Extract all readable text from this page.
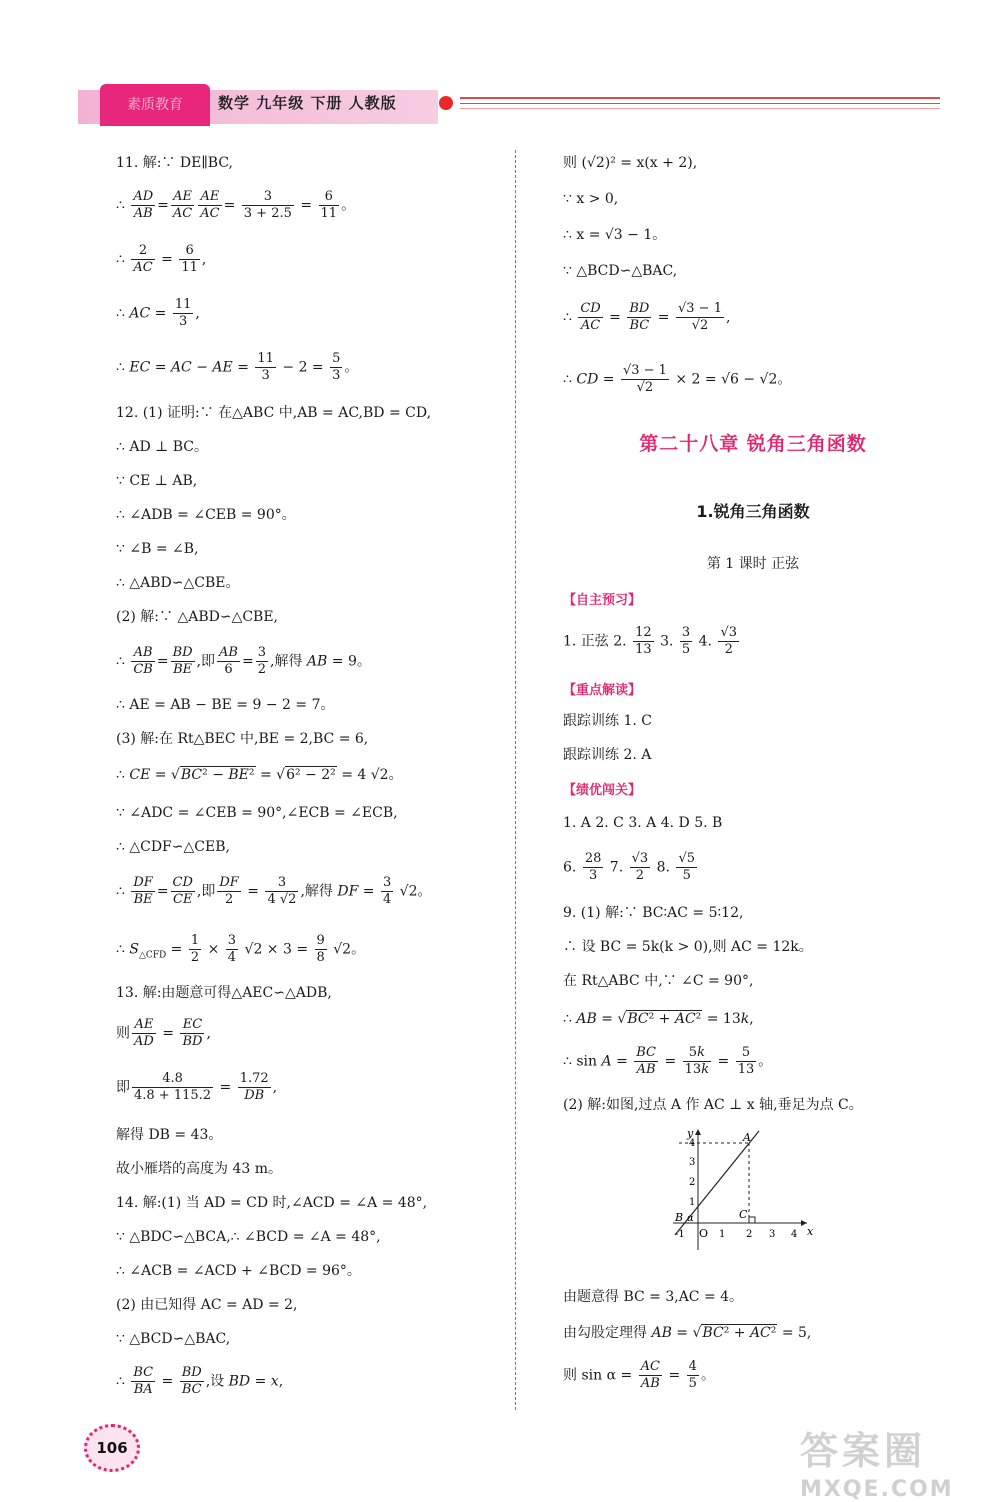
素质教育	数学 九年级 下册 人教版
11. 解:∵ DE∥BC,
∴ $\frac{AD}{AB} = \frac{AE}{AC} \frac{AE}{AC} = \frac{3}{3 + 2.5} = \frac{6}{11}$ 。
∴ $\frac{2}{AC} = \frac{6}{11}$ ,
∴ AC = $\frac{11}{3}$ ,
∴ EC = AC − AE = $\frac{11}{3} - 2 = \frac{5}{3}$ 。
12. (1) 证明:∵ 在△ABC 中,AB = AC,BD = CD,
∴ AD ⊥ BC。
∵ CE ⊥ AB,
∴ ∠ADB = ∠CEB = 90°。
∵ ∠B = ∠B,
∴ △ABD∽△CBE。
(2) 解:∵ △ABD∽△CBE,
∴ $\frac{AB}{CB} = \frac{BD}{BE}$ ,即 $\frac{AB}{6} = \frac{3}{2}$ ,解得 AB = 9。
∴ AE = AB − BE = 9 − 2 = 7。
(3) 解:在 Rt△BEC 中,BE = 2,BC = 6,
∴ CE = √BC² − BE² = √6² − 2² = 4 √2。
∵ ∠ADC = ∠CEB = 90°,∠ECB = ∠ECB,
∴ △CDF∽△CEB,
∴ $\frac{DF}{BE} = \frac{CD}{CE}$ ,即 $\frac{DF}{2} = \frac{3}{4 √2}$ ,解得 DF = $\frac{3}{4} √2$。
∴ $S_{\triangle CFD} = \frac{1}{2} \times \frac{3}{4} √2 \times 3 = \frac{9}{8} √2$。
13. 解:由题意可得△AEC∽△ADB,
则 $\frac{AE}{AD} = \frac{EC}{BD}$ ,
即 $\frac{4.8}{4.8 + 115.2} = \frac{1.72}{DB}$ ,
解得 DB = 43。
故小雁塔的高度为 43 m。
14. 解:(1) 当 AD = CD 时,∠ACD = ∠A = 48°,
∵ △BDC∽△BCA,∴ ∠BCD = ∠A = 48°,
∴ ∠ACB = ∠ACD + ∠BCD = 96°。
(2) 由已知得 AC = AD = 2,
∵ △BCD∽△BAC,
∴ $\frac{BC}{BA} = \frac{BD}{BC}$ ,设 BD = x,
则 (√2)² = x(x + 2),
∵ x > 0,
∴ x = √3 − 1。
∵ △BCD∽△BAC,
∴ $\frac{CD}{AC} = \frac{BD}{BC} = \frac{√3 - 1}{√2}$ ,
∴ CD = $\frac{√3 - 1}{√2} \times 2 = √6 - √2$。
第二十八章 锐角三角函数
1.锐角三角函数
第 1 课时 正弦
【自主预习】
1. 正弦 2. $\frac{12}{13} 3$. $\frac{3}{5} 4$. $\frac{√3}{2}$
【重点解读】
跟踪训练 1. C
跟踪训练 2. A
【绩优闯关】
1. A 2. C 3. A 4. D 5. B
6. $\frac{28}{3} 7$. $\frac{√3}{2} 8$. $\frac{√5}{5}$
9. (1) 解:∵ BC∶AC = 5∶12,
∴ 设 BC = 5k(k > 0),则 AC = 12k。
在 Rt△ABC 中,∵ ∠C = 90°,
∴ AB = √BC² + AC² = 13k,
∴ $\sin A = \frac{BC}{AB} = \frac{5k}{13k} = \frac{5}{13}$ 。
(2) 解:如图,过点 A 作 AC ⊥ x 轴,垂足为点 C。
x
y
O
-1	1 2 3 4
1
2
3
4	A
B	C
α
由题意得 BC = 3,AC = 4。
由勾股定理得 AB = √BC² + AC² = 5,
则 $\sin \alpha = \frac{AC}{AB} = \frac{4}{5}$ 。
106	答案圈
MXQE.COM
